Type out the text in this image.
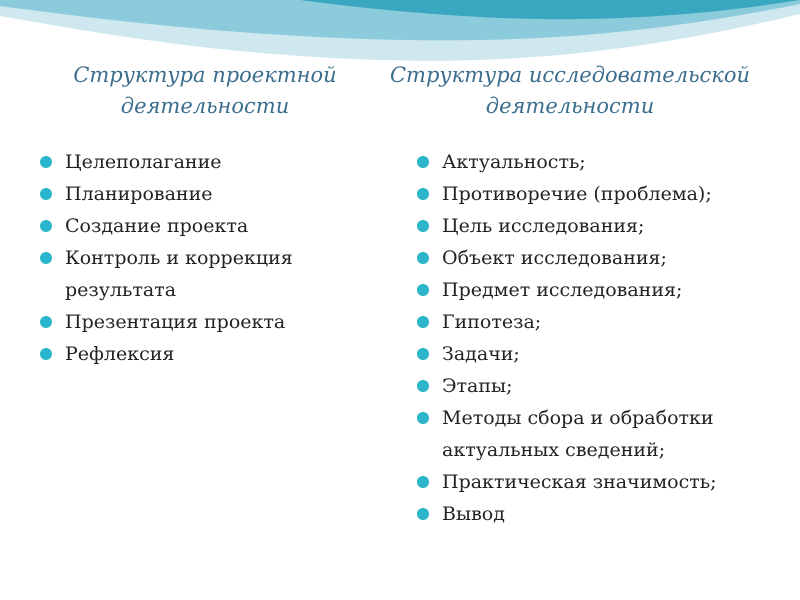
Структура проектной деятельности
Структура исследовательской деятельности
Целеполагание
Планирование
Создание проекта
Контроль и коррекция результата
Презентация проекта
Рефлексия
Актуальность;
Противоречие (проблема);
Цель исследования;
Объект исследования;
Предмет исследования;
Гипотеза;
Задачи;
Этапы;
Методы сбора и обработки актуальных сведений;
Практическая значимость;
Вывод
